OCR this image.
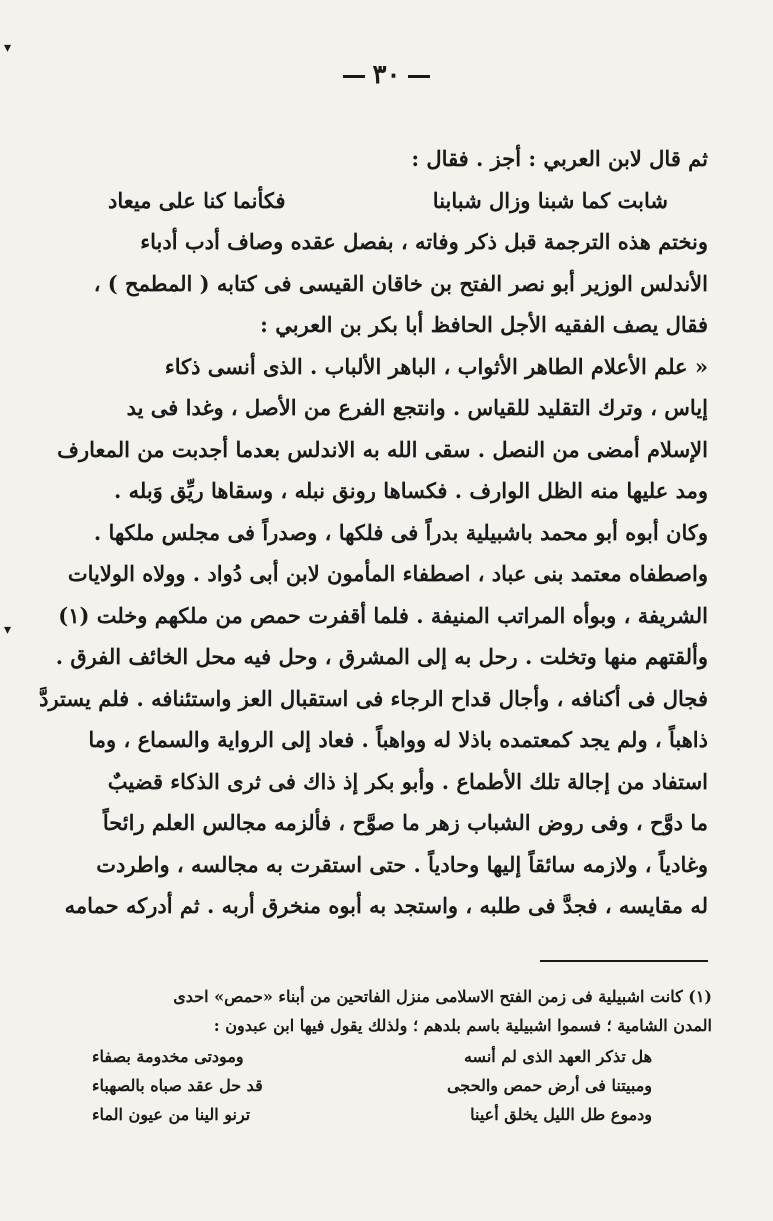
▾
▾
٣٠
ثم قال لابن العربي : أجز . فقال :
شابت كما شبنا وزال شبابنا
فكأنما كنا على ميعاد
ونختم هذه الترجمة قبل ذكر وفاته ، بفصل عقده وصاف أدب أدباء
الأندلس الوزير أبو نصر الفتح بن خاقان القيسى فى كتابه ( المطمح ) ،
فقال يصف الفقيه الأجل الحافظ أبا بكر بن العربي :
« علم الأعلام الطاهر الأثواب ، الباهر الألباب . الذى أنسى ذكاء
إياس ، وترك التقليد للقياس . وانتجع الفرع من الأصل ، وغدا فى يد
الإسلام أمضى من النصل . سقى الله به الاندلس بعدما أجدبت من المعارف
ومد عليها منه الظل الوارف . فكساها رونق نبله ، وسقاها ريِّق وَبله .
وكان أبوه أبو محمد باشبيلية بدراً فى فلكها ، وصدراً فى مجلس ملكها .
واصطفاه معتمد بنى عباد ، اصطفاء المأمون لابن أبى دُواد . وولاه الولايات
الشريفة ، وبوأه المراتب المنيفة . فلما أقفرت حمص من ملكهم وخلت (١)
وألقتهم منها وتخلت . رحل به إلى المشرق ، وحل فيه محل الخائف الفرق .
فجال فى أكنافه ، وأجال قداح الرجاء فى استقبال العز واستئنافه . فلم يستردَّ
ذاهباً ، ولم يجد كمعتمده باذلا له وواهباً . فعاد إلى الرواية والسماع ، وما
استفاد من إجالة تلك الأطماع . وأبو بكر إذ ذاك فى ثرى الذكاء قضيبٌ
ما دوَّح ، وفى روض الشباب زهر ما صوَّح ، فألزمه مجالس العلم رائحاً
وغادياً ، ولازمه سائقاً إليها وحادياً . حتى استقرت به مجالسه ، واطردت
له مقايسه ، فجدَّ فى طلبه ، واستجد به أبوه منخرق أربه . ثم أدركه حمامه
(١) كانت اشبيلية فى زمن الفتح الاسلامى منزل الفاتحين من أبناء «حمص» احدى
المدن الشامية ؛ فسموا اشبيلية باسم بلدهم ؛ ولذلك يقول فيها ابن عبدون :
هل تذكر العهد الذى لم أنسه
ومودتى مخدومة بصفاء
ومبيتنا فى أرض حمص والحجى
قد حل عقد صباه بالصهباء
ودموع طل الليل يخلق أعينا
ترنو الينا من عيون الماء
